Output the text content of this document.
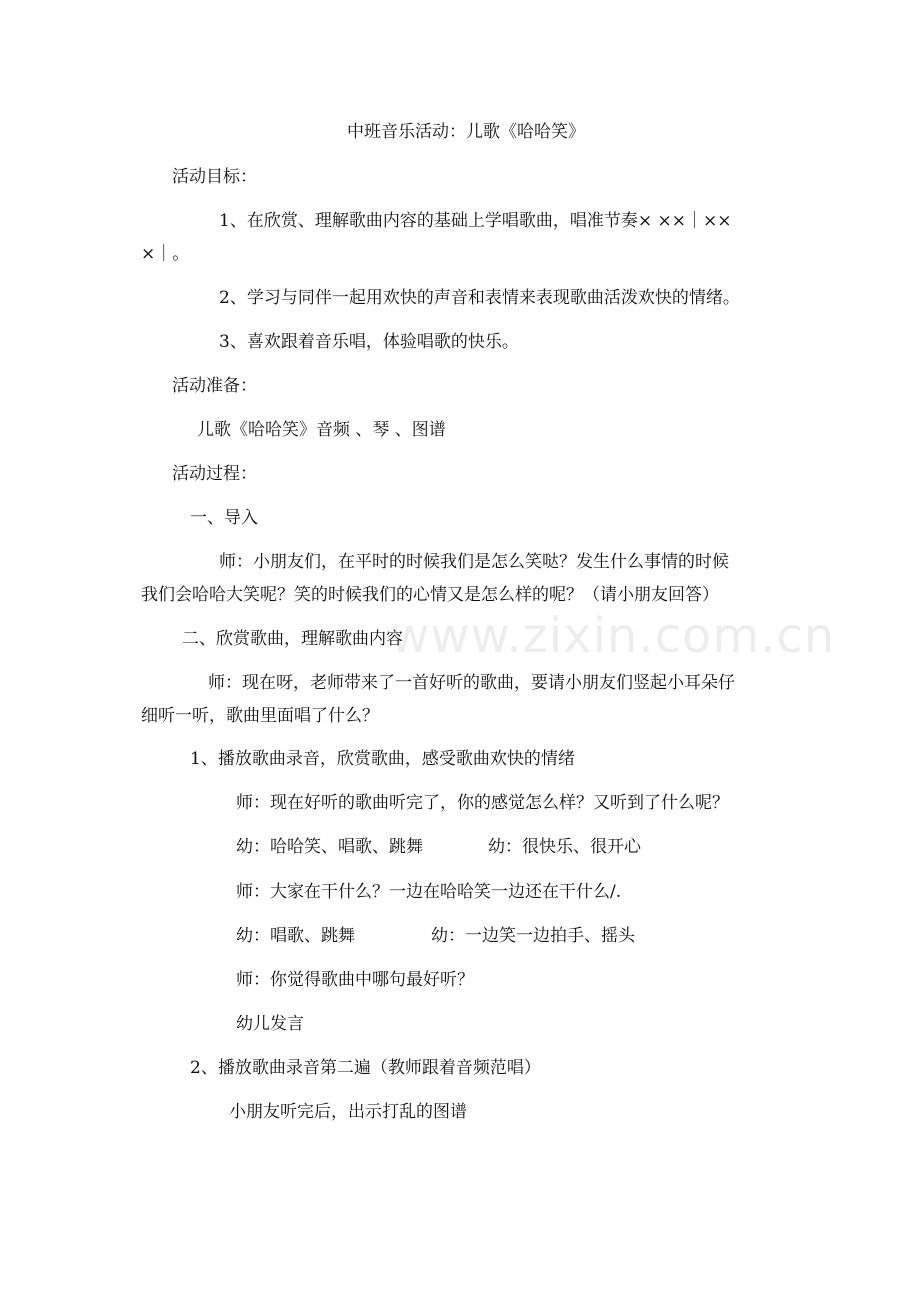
www.zixin.com.cn
中班音乐活动：儿歌《哈哈笑》
活动目标：
1、在欣赏、理解歌曲内容的基础上学唱歌曲，唱准节奏× ××｜××
×｜。
2、学习与同伴一起用欢快的声音和表情来表现歌曲活泼欢快的情绪。
3、喜欢跟着音乐唱，体验唱歌的快乐。
活动准备：
儿歌《哈哈笑》音频 、琴 、图谱
活动过程：
一、导入
师：小朋友们，在平时的时候我们是怎么笑哒？发生什么事情的时候
我们会哈哈大笑呢？笑的时候我们的心情又是怎么样的呢？（请小朋友回答）
二、欣赏歌曲，理解歌曲内容
师：现在呀，老师带来了一首好听的歌曲，要请小朋友们竖起小耳朵仔
细听一听，歌曲里面唱了什么？
1、播放歌曲录音，欣赏歌曲，感受歌曲欢快的情绪
师：现在好听的歌曲听完了，你的感觉怎么样？又听到了什么呢？
幼：哈哈笑、唱歌、跳舞	幼：很快乐、很开心
师：大家在干什么？一边在哈哈笑一边还在干什么/.
幼：唱歌、跳舞	幼：一边笑一边拍手、摇头
师：你觉得歌曲中哪句最好听？
幼儿发言
2、播放歌曲录音第二遍（教师跟着音频范唱）
小朋友听完后，出示打乱的图谱
